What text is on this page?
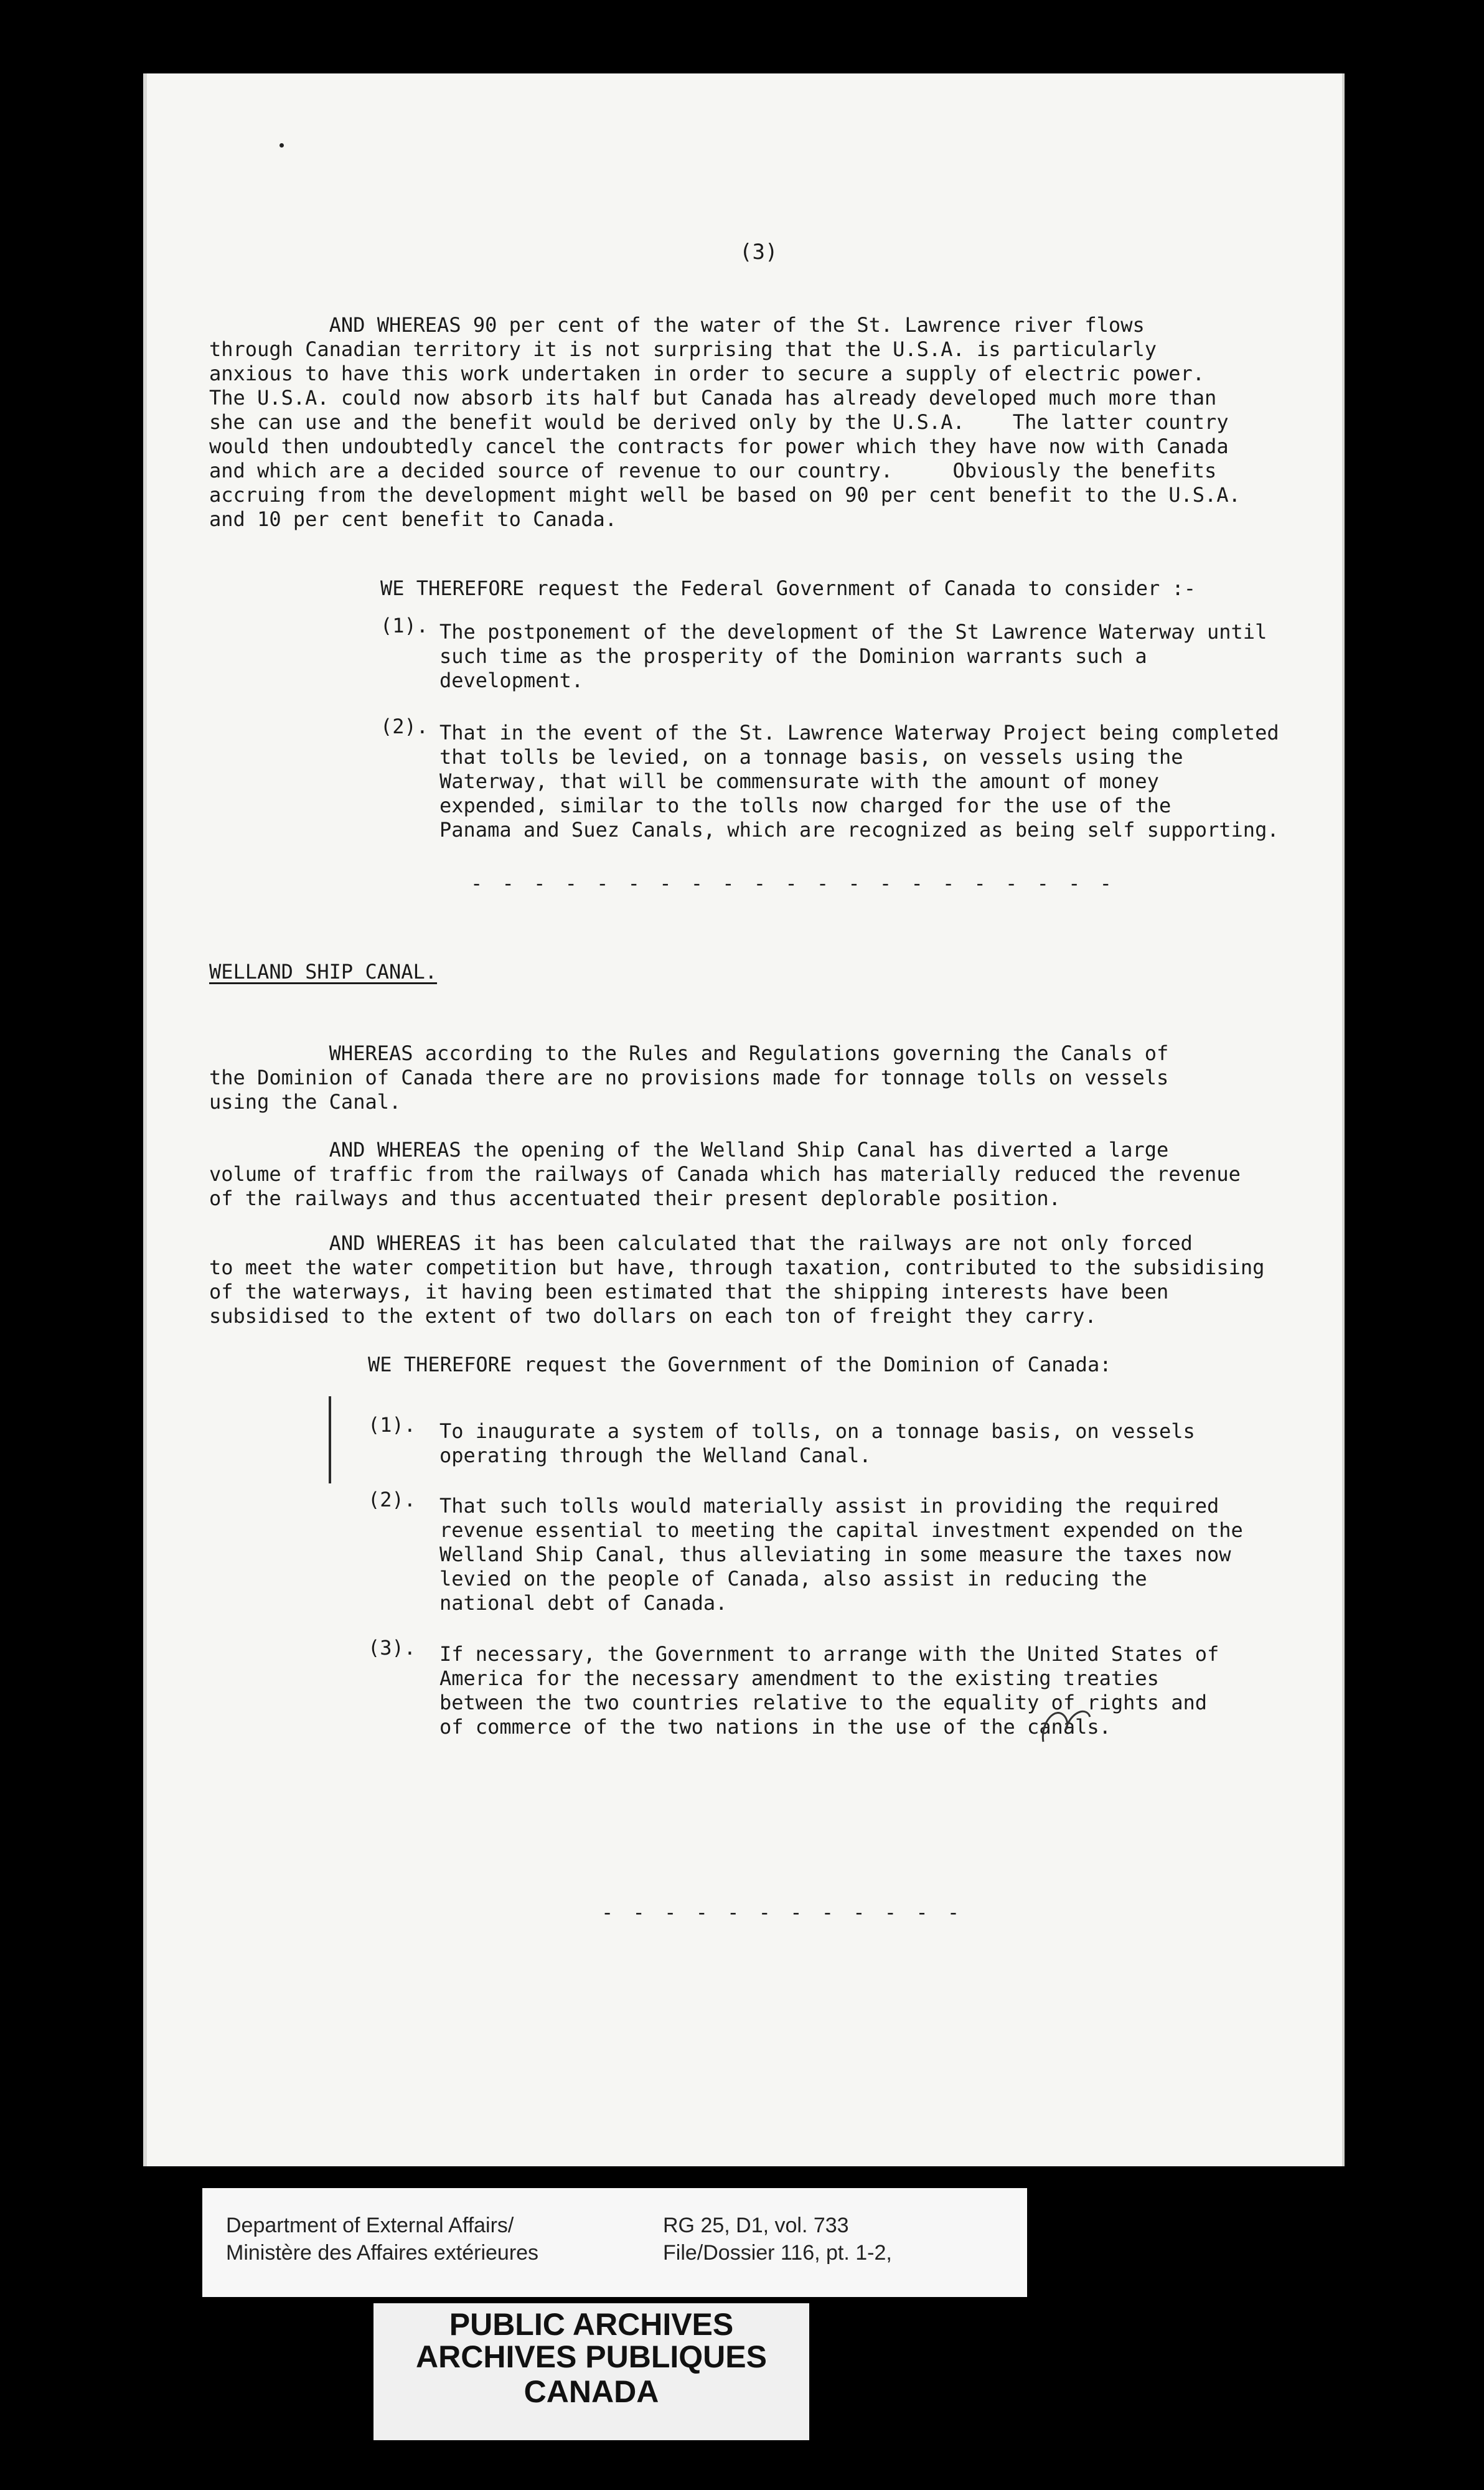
(3)
AND WHEREAS 90 per cent of the water of the St. Lawrence river flows
through Canadian territory it is not surprising that the U.S.A. is particularly
anxious to have this work undertaken in order to secure a supply of electric power.
The U.S.A. could now absorb its half but Canada has already developed much more than
she can use and the benefit would be derived only by the U.S.A.    The latter country
would then undoubtedly cancel the contracts for power which they have now with Canada
and which are a decided source of revenue to our country.     Obviously the benefits
accruing from the development might well be based on 90 per cent benefit to the U.S.A.
and 10 per cent benefit to Canada.
WE THEREFORE request the Federal Government of Canada to consider :-
(1). The postponement of the development of the St Lawrence Waterway until
such time as the prosperity of the Dominion warrants such a
development.
(2). That in the event of the St. Lawrence Waterway Project being completed
that tolls be levied, on a tonnage basis, on vessels using the
Waterway, that will be commensurate with the amount of money
expended, similar to the tolls now charged for the use of the
Panama and Suez Canals, which are recognized as being self supporting.
- - - - - - - - - - - - - - - - - - - - -
WELLAND SHIP CANAL.
WHEREAS according to the Rules and Regulations governing the Canals of
the Dominion of Canada there are no provisions made for tonnage tolls on vessels
using the Canal.
AND WHEREAS the opening of the Welland Ship Canal has diverted a large
volume of traffic from the railways of Canada which has materially reduced the revenue
of the railways and thus accentuated their present deplorable position.
AND WHEREAS it has been calculated that the railways are not only forced
to meet the water competition but have, through taxation, contributed to the subsidising
of the waterways, it having been estimated that the shipping interests have been
subsidised to the extent of two dollars on each ton of freight they carry.
WE THEREFORE request the Government of the Dominion of Canada:
(1). To inaugurate a system of tolls, on a tonnage basis, on vessels
operating through the Welland Canal.
(2). That such tolls would materially assist in providing the required
revenue essential to meeting the capital investment expended on the
Welland Ship Canal, thus alleviating in some measure the taxes now
levied on the people of Canada, also assist in reducing the
national debt of Canada.
(3). If necessary, the Government to arrange with the United States of
America for the necessary amendment to the existing treaties
between the two countries relative to the equality of rights and
of commerce of the two nations in the use of the canals.
- - - - - - - - - - - -
Department of External Affairs/
Ministère des Affaires extérieures
RG 25, D1, vol. 733
File/Dossier 116, pt. 1-2,
PUBLIC ARCHIVES
ARCHIVES PUBLIQUES
CANADA
